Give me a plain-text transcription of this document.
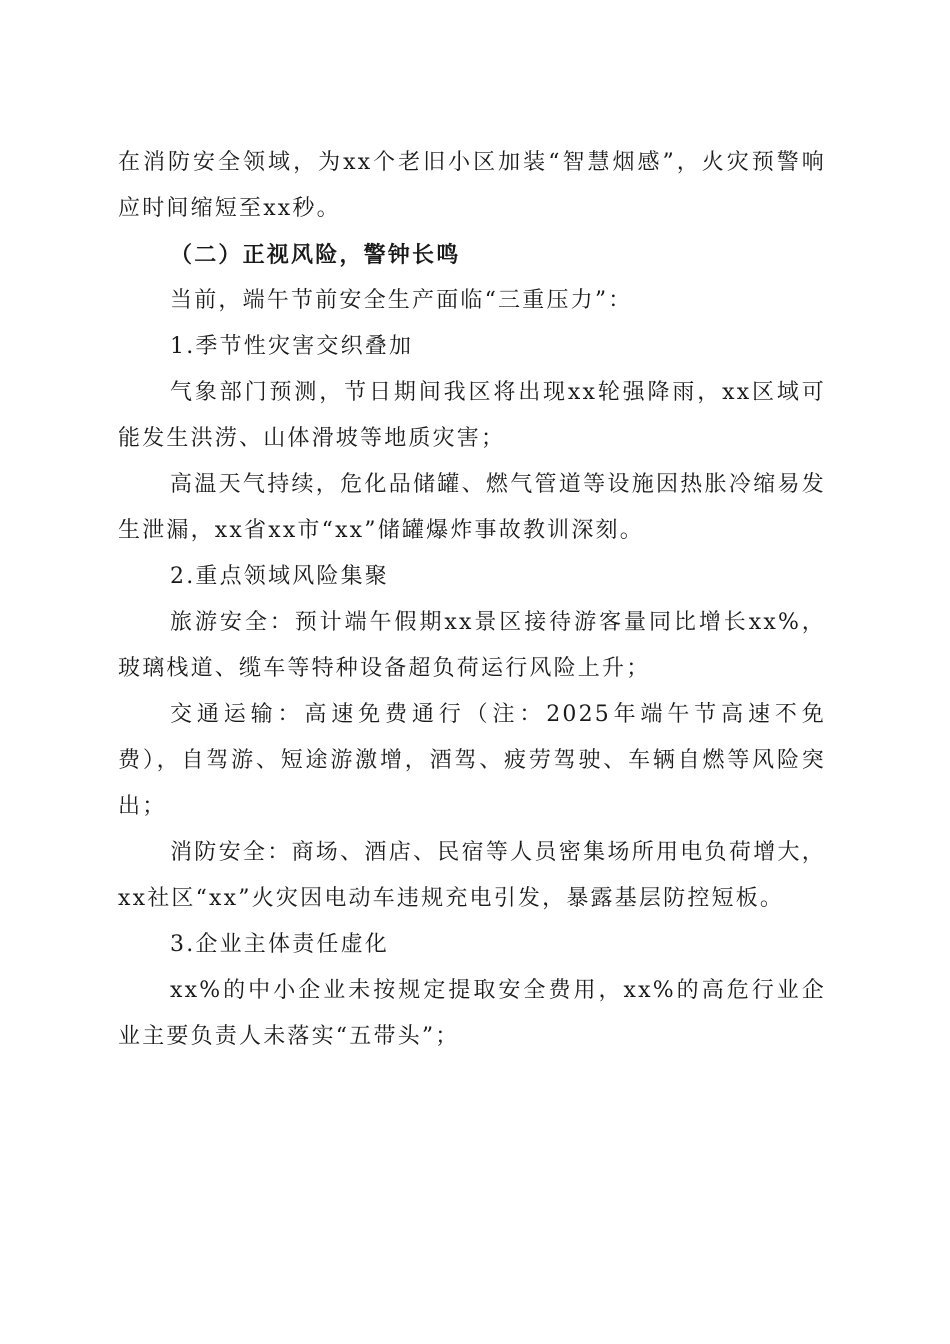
在消防安全领域，为xx个老旧小区加装“智慧烟感”，火灾预警响应时间缩短至xx秒。

（二）正视风险，警钟长鸣

当前，端午节前安全生产面临“三重压力”：

1.季节性灾害交织叠加

气象部门预测，节日期间我区将出现xx轮强降雨，xx区域可能发生洪涝、山体滑坡等地质灾害；

高温天气持续，危化品储罐、燃气管道等设施因热胀冷缩易发生泄漏，xx省xx市“xx”储罐爆炸事故教训深刻。

2.重点领域风险集聚

旅游安全：预计端午假期xx景区接待游客量同比增长xx%，玻璃栈道、缆车等特种设备超负荷运行风险上升；

交通运输：高速免费通行（注：2025年端午节高速不免费），自驾游、短途游激增，酒驾、疲劳驾驶、车辆自燃等风险突出；

消防安全：商场、酒店、民宿等人员密集场所用电负荷增大，xx社区“xx”火灾因电动车违规充电引发，暴露基层防控短板。

3.企业主体责任虚化

xx%的中小企业未按规定提取安全费用，xx%的高危行业企业主要负责人未落实“五带头”；
